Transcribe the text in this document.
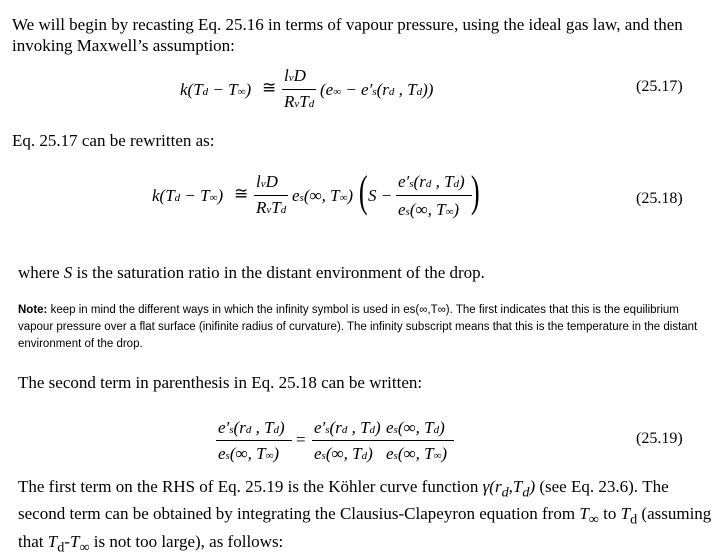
We will begin by recasting Eq. 25.16 in terms of vapour pressure, using the ideal gas law, and then invoking Maxwell’s assumption:
k(Td − T∞) ≅
lvD
RvTd
(e∞ − e′s(rd , Td))	(25.17)
Eq. 25.17 can be rewritten as:
k(Td − T∞) ≅
lvD
RvTd
es(∞, T∞) ( S −
e′s(rd , Td)
es(∞, T∞) )	(25.18)
where S is the saturation ratio in the distant environment of the drop.
Note: keep in mind the different ways in which the infinity symbol is used in es(∞,T∞). The first indicates that this is the equilibrium vapour pressure over a flat surface (inifinite radius of curvature). The infinity subscript means that this is the temperature in the distant environment of the drop.
The second term in parenthesis in Eq. 25.18 can be written:
e′s(rd , Td)
es(∞, T∞)
=
e′s(rd , Td)
es(∞, Td)
es(∞, Td)
es(∞, T∞)
(25.19)
The first term on the RHS of Eq. 25.19 is the Köhler curve function $\gamma(r_d,T_d)$ (see Eq. 23.6). The second term can be obtained by integrating the Clausius-Clapeyron equation from $T_\infty$ to $T_d$ (assuming that $T_d-T_\infty$ is not too large), as follows:
